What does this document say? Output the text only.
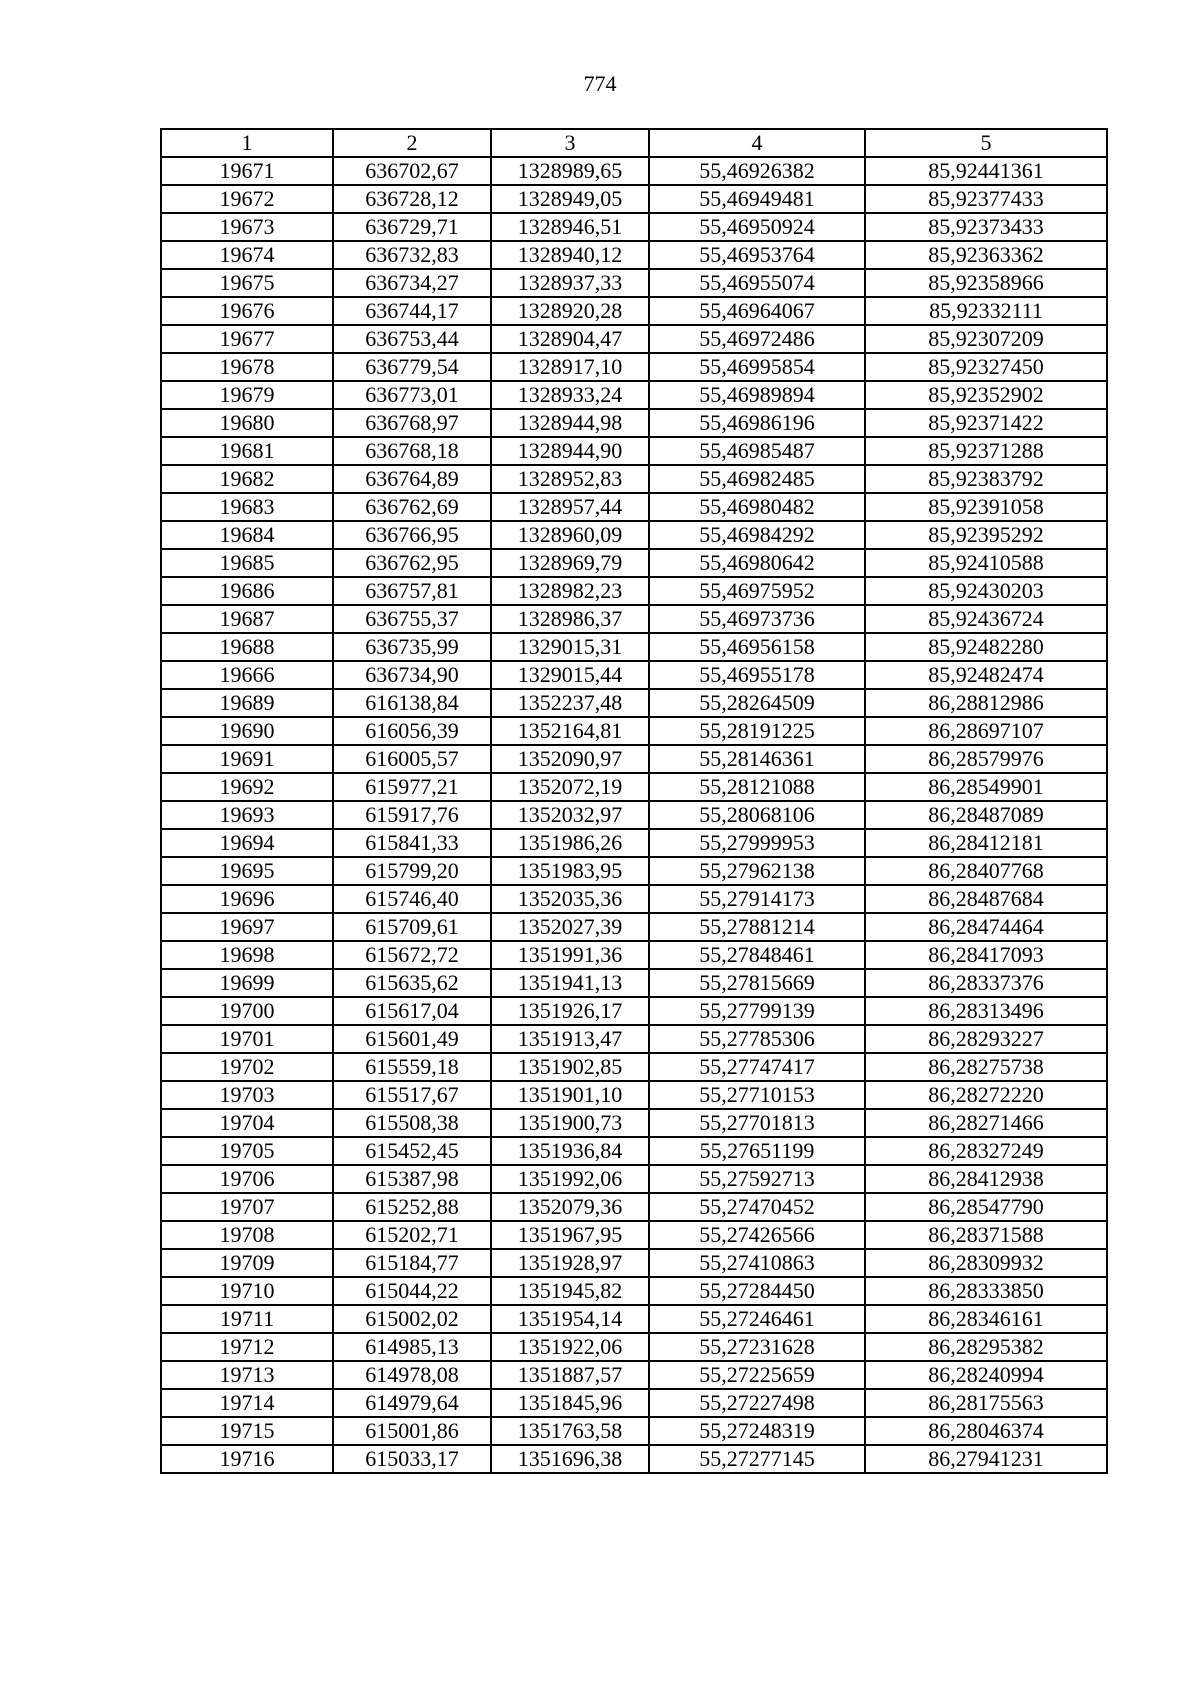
774
1	2	3	4	5
19671	636702,67	1328989,65	55,46926382	85,92441361
19672	636728,12	1328949,05	55,46949481	85,92377433
19673	636729,71	1328946,51	55,46950924	85,92373433
19674	636732,83	1328940,12	55,46953764	85,92363362
19675	636734,27	1328937,33	55,46955074	85,92358966
19676	636744,17	1328920,28	55,46964067	85,92332111
19677	636753,44	1328904,47	55,46972486	85,92307209
19678	636779,54	1328917,10	55,46995854	85,92327450
19679	636773,01	1328933,24	55,46989894	85,92352902
19680	636768,97	1328944,98	55,46986196	85,92371422
19681	636768,18	1328944,90	55,46985487	85,92371288
19682	636764,89	1328952,83	55,46982485	85,92383792
19683	636762,69	1328957,44	55,46980482	85,92391058
19684	636766,95	1328960,09	55,46984292	85,92395292
19685	636762,95	1328969,79	55,46980642	85,92410588
19686	636757,81	1328982,23	55,46975952	85,92430203
19687	636755,37	1328986,37	55,46973736	85,92436724
19688	636735,99	1329015,31	55,46956158	85,92482280
19666	636734,90	1329015,44	55,46955178	85,92482474
19689	616138,84	1352237,48	55,28264509	86,28812986
19690	616056,39	1352164,81	55,28191225	86,28697107
19691	616005,57	1352090,97	55,28146361	86,28579976
19692	615977,21	1352072,19	55,28121088	86,28549901
19693	615917,76	1352032,97	55,28068106	86,28487089
19694	615841,33	1351986,26	55,27999953	86,28412181
19695	615799,20	1351983,95	55,27962138	86,28407768
19696	615746,40	1352035,36	55,27914173	86,28487684
19697	615709,61	1352027,39	55,27881214	86,28474464
19698	615672,72	1351991,36	55,27848461	86,28417093
19699	615635,62	1351941,13	55,27815669	86,28337376
19700	615617,04	1351926,17	55,27799139	86,28313496
19701	615601,49	1351913,47	55,27785306	86,28293227
19702	615559,18	1351902,85	55,27747417	86,28275738
19703	615517,67	1351901,10	55,27710153	86,28272220
19704	615508,38	1351900,73	55,27701813	86,28271466
19705	615452,45	1351936,84	55,27651199	86,28327249
19706	615387,98	1351992,06	55,27592713	86,28412938
19707	615252,88	1352079,36	55,27470452	86,28547790
19708	615202,71	1351967,95	55,27426566	86,28371588
19709	615184,77	1351928,97	55,27410863	86,28309932
19710	615044,22	1351945,82	55,27284450	86,28333850
19711	615002,02	1351954,14	55,27246461	86,28346161
19712	614985,13	1351922,06	55,27231628	86,28295382
19713	614978,08	1351887,57	55,27225659	86,28240994
19714	614979,64	1351845,96	55,27227498	86,28175563
19715	615001,86	1351763,58	55,27248319	86,28046374
19716	615033,17	1351696,38	55,27277145	86,27941231
